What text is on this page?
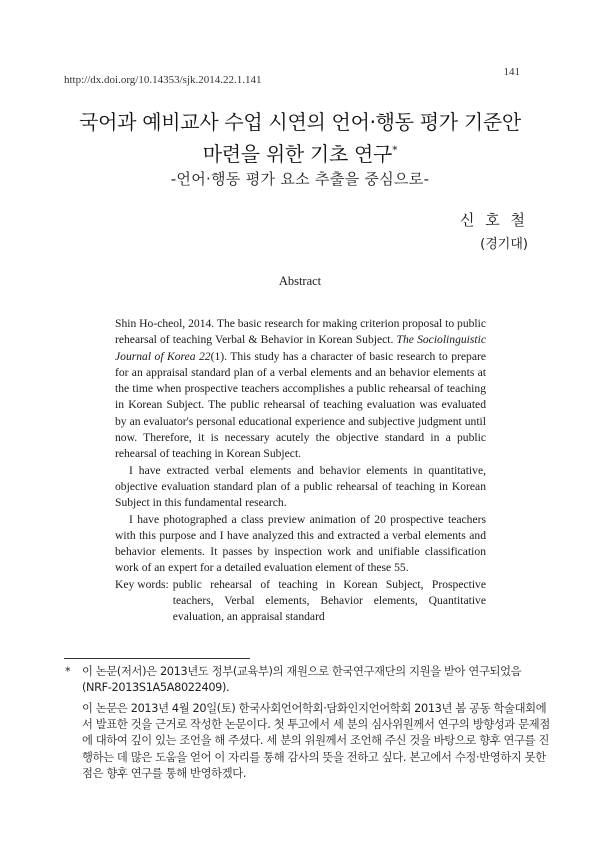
http://dx.doi.org/10.14353/sjk.2014.22.1.141
141
국어과 예비교사 수업 시연의 언어·행동 평가 기준안
마련을 위한 기초 연구*
-언어·행동 평가 요소 추출을 중심으로-
신 호 철
(경기대)
Abstract

Shin Ho-cheol, 2014. The basic research for making criterion proposal to public rehearsal of teaching Verbal & Behavior in Korean Subject. The Sociolinguistic Journal of Korea 22(1). This study has a character of basic research to prepare for an appraisal standard plan of a verbal elements and an behavior elements at the time when prospective teachers accomplishes a public rehearsal of teaching in Korean Subject. The public rehearsal of teaching evaluation was evaluated by an evaluator's personal educational experience and subjective judgment until now. Therefore, it is necessary acutely the objective standard in a public rehearsal of teaching in Korean Subject.

I have extracted verbal elements and behavior elements in quantitative, objective evaluation standard plan of a public rehearsal of teaching in Korean Subject in this fundamental research.

I have photographed a class preview animation of 20 prospective teachers with this purpose and I have analyzed this and extracted a verbal elements and behavior elements. It passes by inspection work and unifiable classification work of an expert for a detailed evaluation element of these 55.

Key words: public rehearsal of teaching in Korean Subject, Prospective teachers, Verbal elements, Behavior elements, Quantitative evaluation, an appraisal standard
*	이 논문(저서)은 2013년도 정부(교육부)의 재원으로 한국연구재단의 지원을 받아 연구되었음(NRF-2013S1A5A8022409).
이 논문은 2013년 4월 20일(토) 한국사회언어학회·담화인지언어학회 2013년 봄 공동 학술대회에서 발표한 것을 근거로 작성한 논문이다. 첫 투고에서 세 분의 심사위원께서 연구의 방향성과 문제점에 대하여 깊이 있는 조언을 해 주셨다. 세 분의 위원께서 조언해 주신 것을 바탕으로 향후 연구를 진행하는 데 많은 도움을 얻어 이 자리를 통해 감사의 뜻을 전하고 싶다. 본고에서 수정·반영하지 못한 점은 향후 연구를 통해 반영하겠다.
